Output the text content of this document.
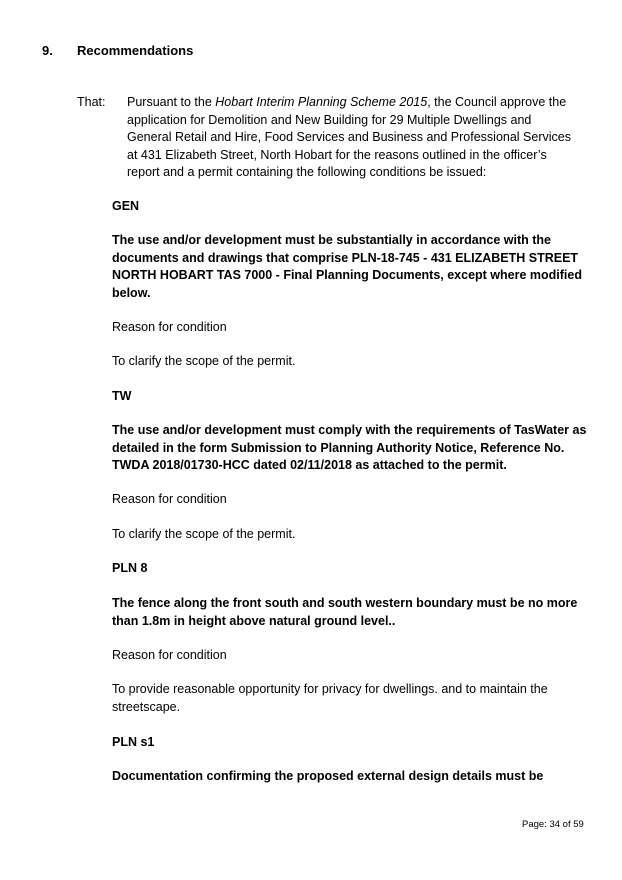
9. Recommendations
That: Pursuant to the Hobart Interim Planning Scheme 2015, the Council approve the application for Demolition and New Building for 29 Multiple Dwellings and General Retail and Hire, Food Services and Business and Professional Services at 431 Elizabeth Street, North Hobart for the reasons outlined in the officer’s report and a permit containing the following conditions be issued:

GEN

The use and/or development must be substantially in accordance with the documents and drawings that comprise PLN-18-745 - 431 ELIZABETH STREET NORTH HOBART TAS 7000 - Final Planning Documents, except where modified below.

Reason for condition
To clarify the scope of the permit.
TW

The use and/or development must comply with the requirements of TasWater as detailed in the form Submission to Planning Authority Notice, Reference No. TWDA 2018/01730-HCC dated 02/11/2018 as attached to the permit.

Reason for condition
To clarify the scope of the permit.
PLN 8

The fence along the front south and south western boundary must be no more than 1.8m in height above natural ground level..

Reason for condition

To provide reasonable opportunity for privacy for dwellings. and to maintain the streetscape.

PLN s1

Documentation confirming the proposed external design details must be

Page: 34 of 59
